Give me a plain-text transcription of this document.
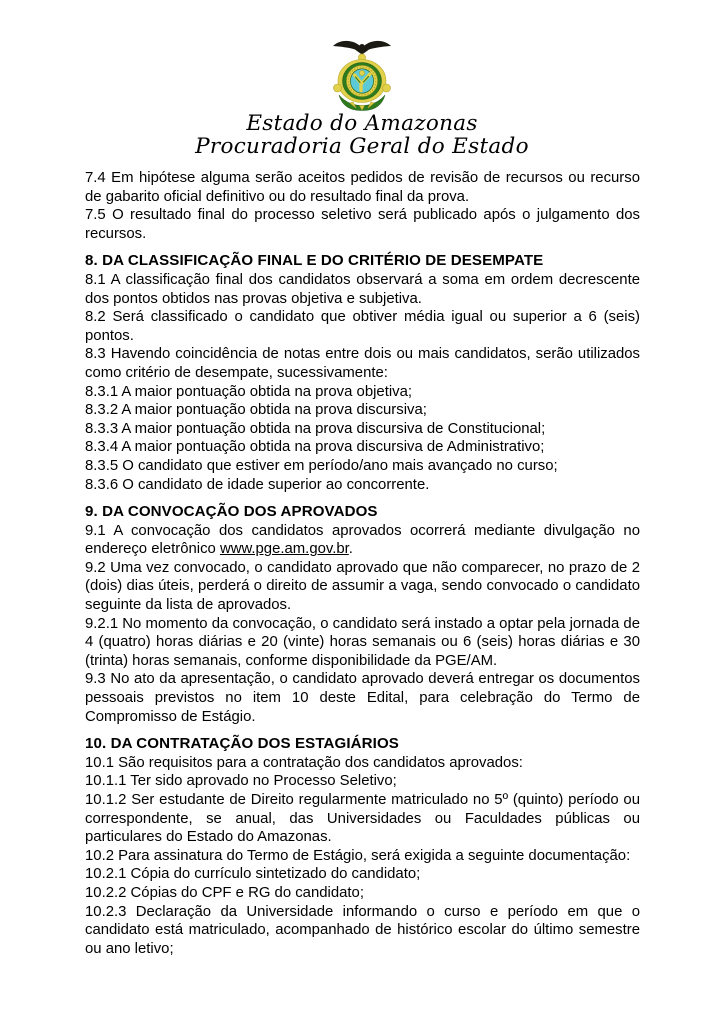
Estado do Amazonas
Procuradoria Geral do Estado

7.4 Em hipótese alguma serão aceitos pedidos de revisão de recursos ou recurso de gabarito oficial definitivo ou do resultado final da prova.

7.5 O resultado final do processo seletivo será publicado após o julgamento dos recursos.

8. DA CLASSIFICAÇÃO FINAL E DO CRITÉRIO DE DESEMPATE

8.1 A classificação final dos candidatos observará a soma em ordem decrescente dos pontos obtidos nas provas objetiva e subjetiva.

8.2 Será classificado o candidato que obtiver média igual ou superior a 6 (seis) pontos.

8.3 Havendo coincidência de notas entre dois ou mais candidatos, serão utilizados como critério de desempate, sucessivamente:

8.3.1 A maior pontuação obtida na prova objetiva;

8.3.2 A maior pontuação obtida na prova discursiva;

8.3.3 A maior pontuação obtida na prova discursiva de Constitucional;

8.3.4 A maior pontuação obtida na prova discursiva de Administrativo;

8.3.5 O candidato que estiver em período/ano mais avançado no curso;

8.3.6 O candidato de idade superior ao concorrente.

9. DA CONVOCAÇÃO DOS APROVADOS

9.1 A convocação dos candidatos aprovados ocorrerá mediante divulgação no endereço eletrônico www.pge.am.gov.br.

9.2 Uma vez convocado, o candidato aprovado que não comparecer, no prazo de 2 (dois) dias úteis, perderá o direito de assumir a vaga, sendo convocado o candidato seguinte da lista de aprovados.

9.2.1 No momento da convocação, o candidato será instado a optar pela jornada de 4 (quatro) horas diárias e 20 (vinte) horas semanais ou 6 (seis) horas diárias e 30 (trinta) horas semanais, conforme disponibilidade da PGE/AM.

9.3 No ato da apresentação, o candidato aprovado deverá entregar os documentos pessoais previstos no item 10 deste Edital, para celebração do Termo de Compromisso de Estágio.

10. DA CONTRATAÇÃO DOS ESTAGIÁRIOS

10.1 São requisitos para a contratação dos candidatos aprovados:

10.1.1 Ter sido aprovado no Processo Seletivo;

10.1.2 Ser estudante de Direito regularmente matriculado no 5º (quinto) período ou correspondente, se anual, das Universidades ou Faculdades públicas ou particulares do Estado do Amazonas.

10.2 Para assinatura do Termo de Estágio, será exigida a seguinte documentação:

10.2.1 Cópia do currículo sintetizado do candidato;

10.2.2 Cópias do CPF e RG do candidato;

10.2.3 Declaração da Universidade informando o curso e período em que o candidato está matriculado, acompanhado de histórico escolar do último semestre ou ano letivo;
